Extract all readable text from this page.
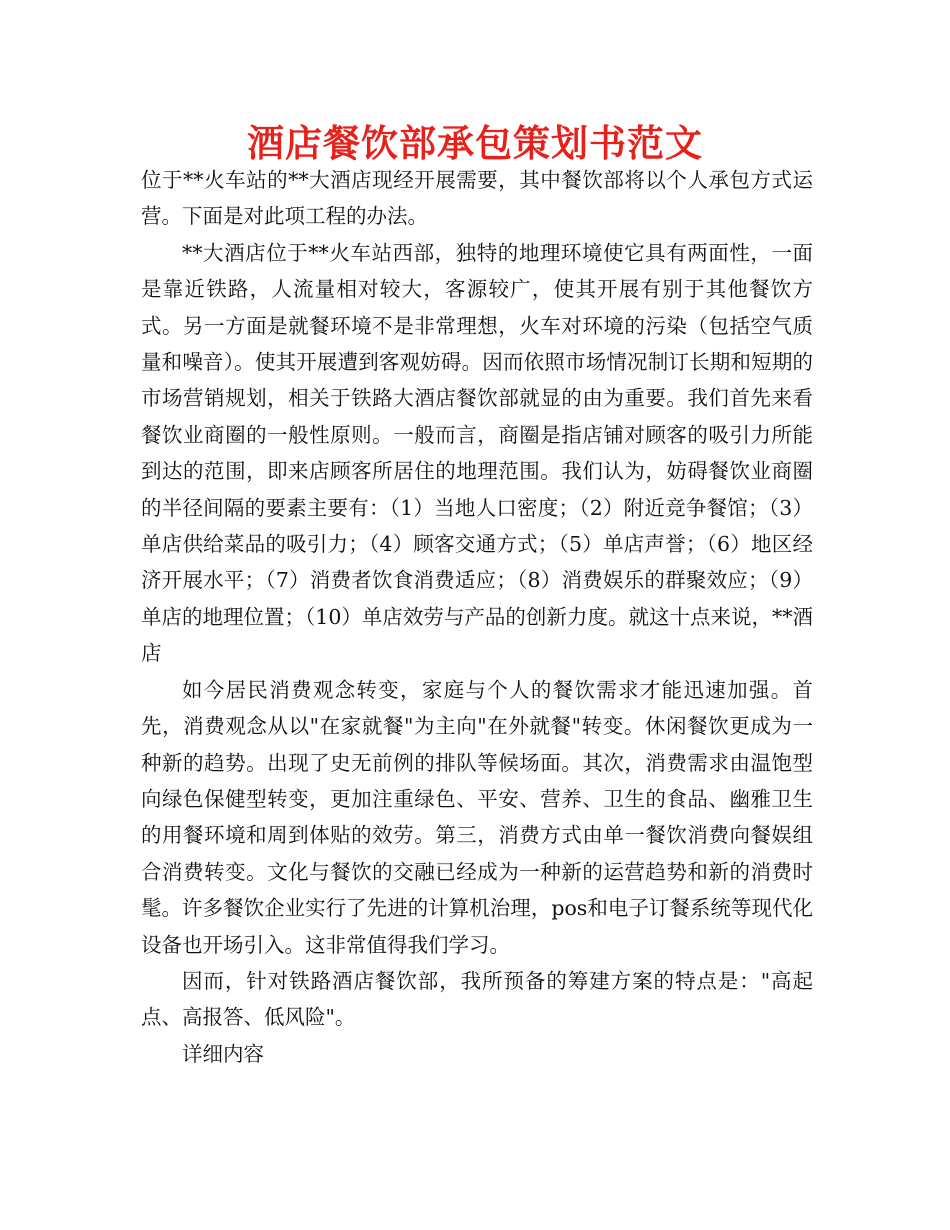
酒店餐饮部承包策划书范文

位于**火车站的**大酒店现经开展需要，其中餐饮部将以个人承包方式运营。下面是对此项工程的办法。

**大酒店位于**火车站西部，独特的地理环境使它具有两面性，一面是靠近铁路，人流量相对较大，客源较广，使其开展有别于其他餐饮方式。另一方面是就餐环境不是非常理想，火车对环境的污染（包括空气质量和噪音）。使其开展遭到客观妨碍。因而依照市场情况制订长期和短期的市场营销规划，相关于铁路大酒店餐饮部就显的由为重要。我们首先来看餐饮业商圈的一般性原则。一般而言，商圈是指店铺对顾客的吸引力所能到达的范围，即来店顾客所居住的地理范围。我们认为，妨碍餐饮业商圈的半径间隔的要素主要有：（1）当地人口密度；（2）附近竞争餐馆；（3）单店供给菜品的吸引力；（4）顾客交通方式；（5）单店声誉；（6）地区经济开展水平；（7）消费者饮食消费适应；（8）消费娱乐的群聚效应；（9）单店的地理位置；（10）单店效劳与产品的创新力度。就这十点来说，**酒店

如今居民消费观念转变，家庭与个人的餐饮需求才能迅速加强。首先，消费观念从以"在家就餐"为主向"在外就餐"转变。休闲餐饮更成为一种新的趋势。出现了史无前例的排队等候场面。其次，消费需求由温饱型向绿色保健型转变，更加注重绿色、平安、营养、卫生的食品、幽雅卫生的用餐环境和周到体贴的效劳。第三，消费方式由单一餐饮消费向餐娱组合消费转变。文化与餐饮的交融已经成为一种新的运营趋势和新的消费时髦。许多餐饮企业实行了先进的计算机治理，pos和电子订餐系统等现代化设备也开场引入。这非常值得我们学习。

因而，针对铁路酒店餐饮部，我所预备的筹建方案的特点是："高起点、高报答、低风险"。

详细内容
